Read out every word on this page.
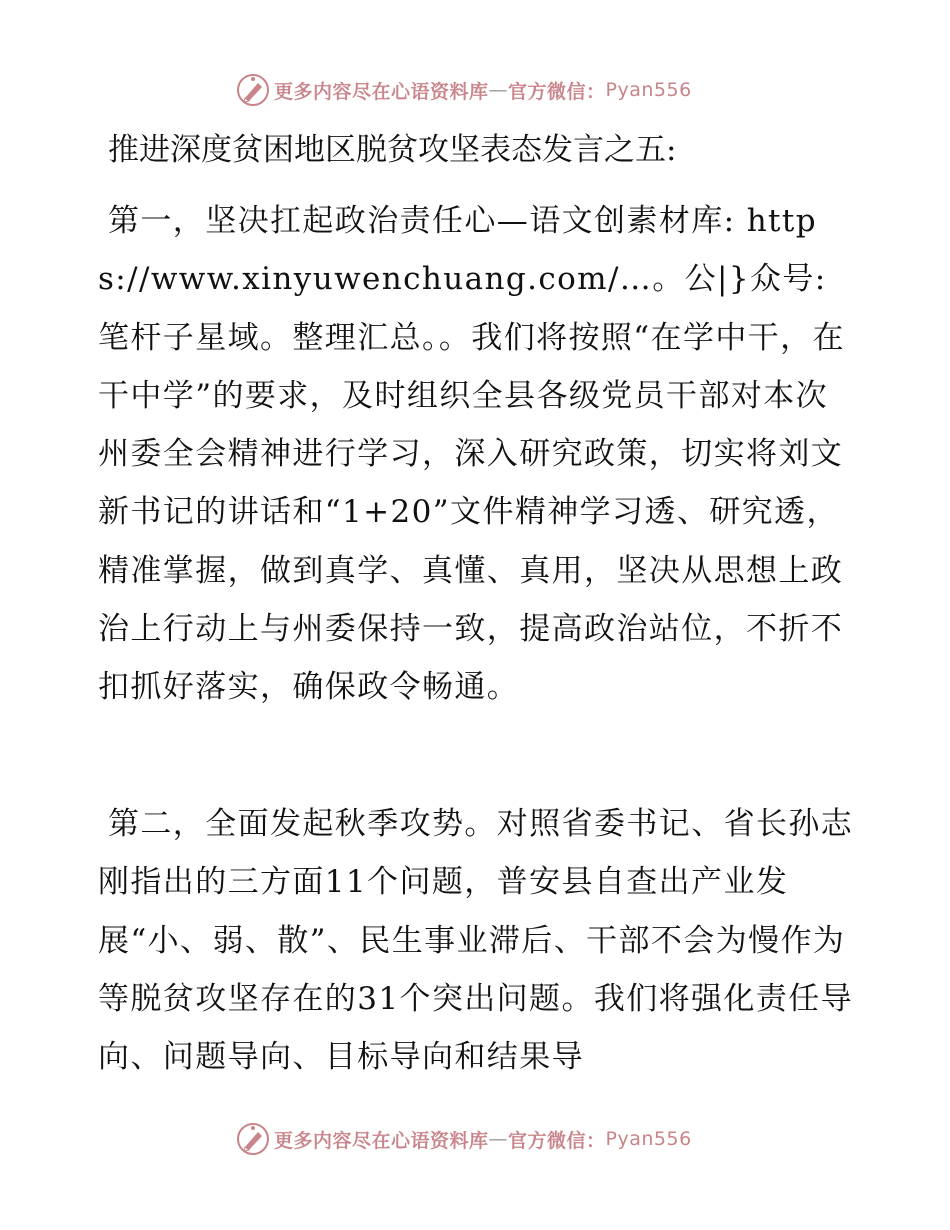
更多内容尽在心语资料库 — 官方微信： Pyan556
推进深度贫困地区脱贫攻坚表态发言之五:

第一，坚决扛起政治责任心—语文创素材库: https://www.xinyuwenchuang.com/…。公|}众号: 笔杆子星域。整理汇总。。我们将按照“在学中干，在干中学”的要求，及时组织全县各级党员干部对本次州委全会精神进行学习，深入研究政策，切实将刘文新书记的讲话和“1+20”文件精神学习透、研究透，精准掌握，做到真学、真懂、真用，坚决从思想上政治上行动上与州委保持一致，提高政治站位，不折不扣抓好落实，确保政令畅通。

第二，全面发起秋季攻势。对照省委书记、省长孙志刚指出的三方面11个问题，普安县自查出产业发展“小、弱、散”、民生事业滞后、干部不会为慢作为等脱贫攻坚存在的31个突出问题。我们将强化责任导向、问题导向、目标导向和结果导

更多内容尽在心语资料库 — 官方微信： Pyan556
